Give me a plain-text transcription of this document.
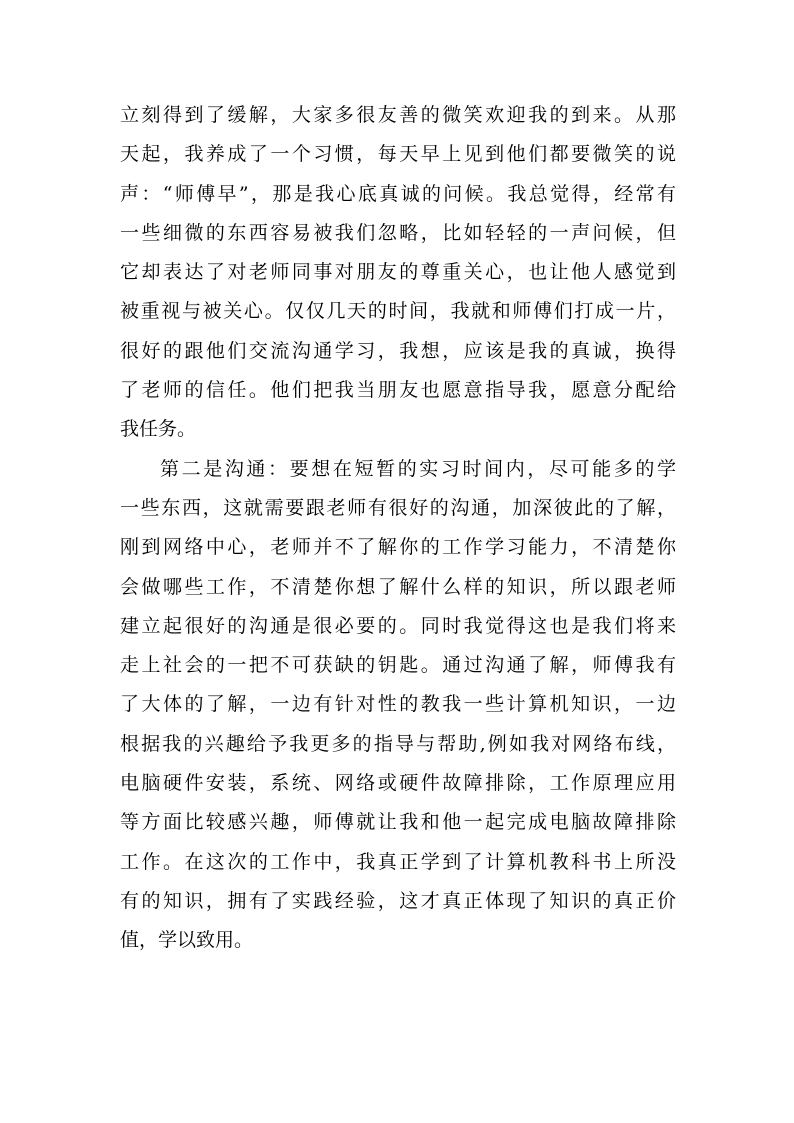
立刻得到了缓解，大家多很友善的微笑欢迎我的到来。从那
天起，我养成了一个习惯，每天早上见到他们都要微笑的说
声：“师傅早”，那是我心底真诚的问候。我总觉得，经常有
一些细微的东西容易被我们忽略，比如轻轻的一声问候，但
它却表达了对老师同事对朋友的尊重关心，也让他人感觉到
被重视与被关心。仅仅几天的时间，我就和师傅们打成一片，
很好的跟他们交流沟通学习，我想，应该是我的真诚，换得
了老师的信任。他们把我当朋友也愿意指导我，愿意分配给
我任务。
第二是沟通：要想在短暂的实习时间内，尽可能多的学
一些东西，这就需要跟老师有很好的沟通，加深彼此的了解，
刚到网络中心，老师并不了解你的工作学习能力，不清楚你
会做哪些工作，不清楚你想了解什么样的知识，所以跟老师
建立起很好的沟通是很必要的。同时我觉得这也是我们将来
走上社会的一把不可获缺的钥匙。通过沟通了解，师傅我有
了大体的了解，一边有针对性的教我一些计算机知识，一边
根据我的兴趣给予我更多的指导与帮助,例如我对网络布线，
电脑硬件安装，系统、网络或硬件故障排除，工作原理应用
等方面比较感兴趣，师傅就让我和他一起完成电脑故障排除
工作。在这次的工作中，我真正学到了计算机教科书上所没
有的知识，拥有了实践经验，这才真正体现了知识的真正价
值，学以致用。
